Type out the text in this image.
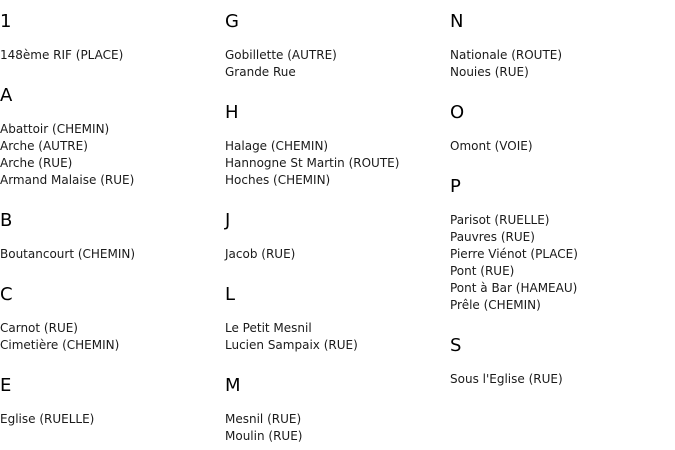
1
148ème RIF (PLACE)
A
Abattoir (CHEMIN)
Arche (AUTRE)
Arche (RUE)
Armand Malaise (RUE)
B
Boutancourt (CHEMIN)
C
Carnot (RUE)
Cimetière (CHEMIN)
E
Eglise (RUELLE)
G
Gobillette (AUTRE)
Grande Rue
H
Halage (CHEMIN)
Hannogne St Martin (ROUTE)
Hoches (CHEMIN)
J
Jacob (RUE)
L
Le Petit Mesnil
Lucien Sampaix (RUE)
M
Mesnil (RUE)
Moulin (RUE)
N
Nationale (ROUTE)
Nouies (RUE)
O
Omont (VOIE)
P
Parisot (RUELLE)
Pauvres (RUE)
Pierre Viénot (PLACE)
Pont (RUE)
Pont à Bar (HAMEAU)
Prêle (CHEMIN)
S
Sous l'Eglise (RUE)
